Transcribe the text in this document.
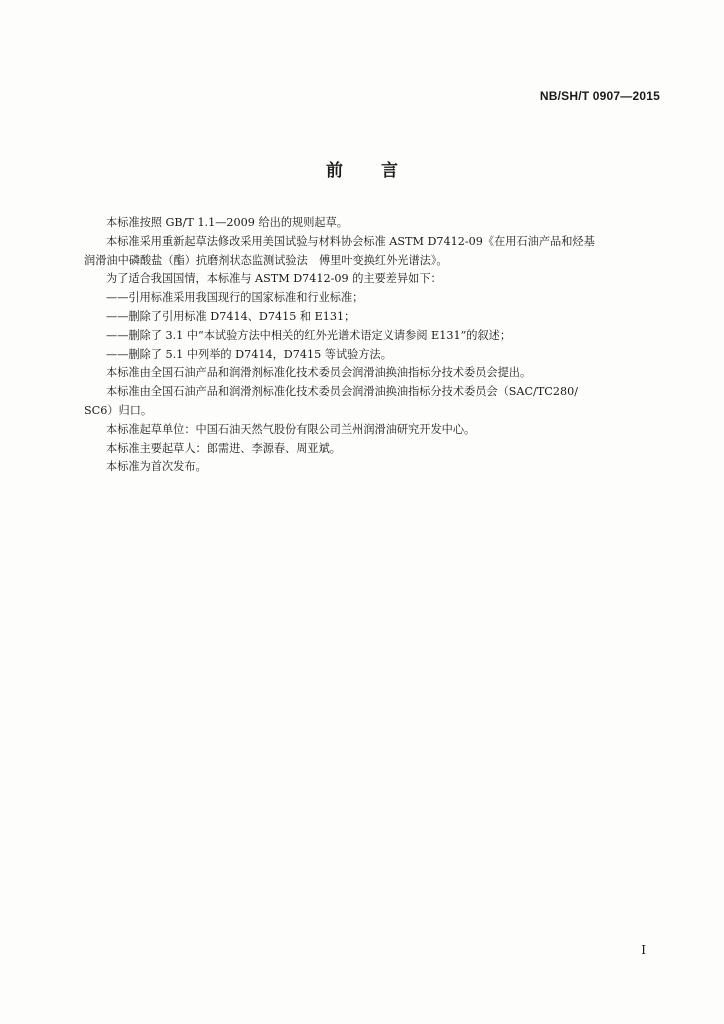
NB/SH/T 0907—2015
前言
本标准按照 GB/T 1.1—2009 给出的规则起草。
本标准采用重新起草法修改采用美国试验与材料协会标准 ASTM D7412-09《在用石油产品和烃基
润滑油中磷酸盐（酯）抗磨剂状态监测试验法　傅里叶变换红外光谱法》。
为了适合我国国情，本标准与 ASTM D7412-09 的主要差异如下：
——引用标准采用我国现行的国家标准和行业标准；
——删除了引用标准 D7414、D7415 和 E131；
——删除了 3.1 中“本试验方法中相关的红外光谱术语定义请参阅 E131”的叙述；
——删除了 5.1 中列举的 D7414，D7415 等试验方法。
本标准由全国石油产品和润滑剂标准化技术委员会润滑油换油指标分技术委员会提出。
本标准由全国石油产品和润滑剂标准化技术委员会润滑油换油指标分技术委员会（SAC/TC280/
SC6）归口。
本标准起草单位：中国石油天然气股份有限公司兰州润滑油研究开发中心。
本标准主要起草人：郎需进、李源春、周亚斌。
本标准为首次发布。
I
